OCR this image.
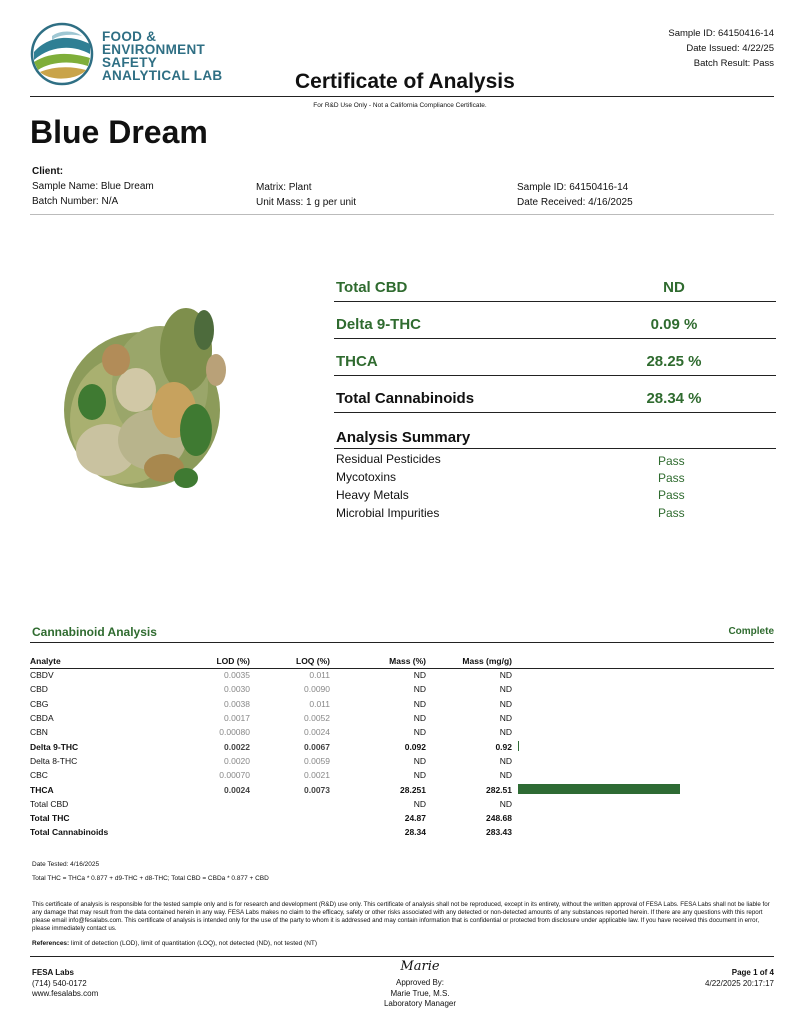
FOOD &
ENVIRONMENT
SAFETY
ANALYTICAL LAB	Certificate of Analysis
Sample ID: 64150416-14
Date Issued: 4/22/25
Batch Result: Pass
For R&D Use Only - Not a California Compliance Certificate.
Blue Dream
Client:
Sample Name: Blue Dream
Batch Number: N/A
Matrix: Plant
Unit Mass: 1 g per unit
Sample ID: 64150416-14
Date Received: 4/16/2025
Total CBD	ND
Delta 9-THC	0.09 %
THCA	28.25 %
Total Cannabinoids	28.34 %
Analysis Summary
Residual Pesticides	Pass
Mycotoxins	Pass
Heavy Metals	Pass
Microbial Impurities	Pass
Cannabinoid Analysis	Complete
Analyte	LOD (%)	LOQ (%)	Mass (%)	Mass (mg/g)	
CBDV	0.0035	0.011	ND	ND	
CBD	0.0030	0.0090	ND	ND	
CBG	0.0038	0.011	ND	ND	
CBDA	0.0017	0.0052	ND	ND	
CBN	0.00080	0.0024	ND	ND	
Delta 9-THC	0.0022	0.0067	0.092	0.92	

Delta 8-THC	0.0020	0.0059	ND	ND	
CBC	0.00070	0.0021	ND	ND	
THCA	0.0024	0.0073	28.251	282.51	

Total CBD			ND	ND	
Total THC			24.87	248.68	
Total Cannabinoids			28.34	283.43	
Date Tested: 4/16/2025
Total THC = THCa * 0.877 + d9-THC + d8-THC; Total CBD = CBDa * 0.877 + CBD
This certificate of analysis is responsible for the tested sample only and is for research and development (R&D) use only. This certificate of analysis shall not be reproduced, except in its entirety, without the written approval of FESA Labs. FESA Labs shall not be liable for any damage that may result from the data contained herein in any way. FESA Labs makes no claim to the efficacy, safety or other risks associated with any detected or non-detected amounts of any substances reported herein. If there are any questions with this report please email info@fesalabs.com. This certificate of analysis is intended only for the use of the party to whom it is addressed and may contain information that is confidential or protected from disclosure under applicable law. If you have received this document in error, please immediately contact us.
References: limit of detection (LOD), limit of quantitation (LOQ), not detected (ND), not tested (NT)
FESA Labs
(714) 540-0172
www.fesalabs.com
Marie
Approved By:
Marie True, M.S.
Laboratory Manager
Page 1 of 4
4/22/2025 20:17:17
